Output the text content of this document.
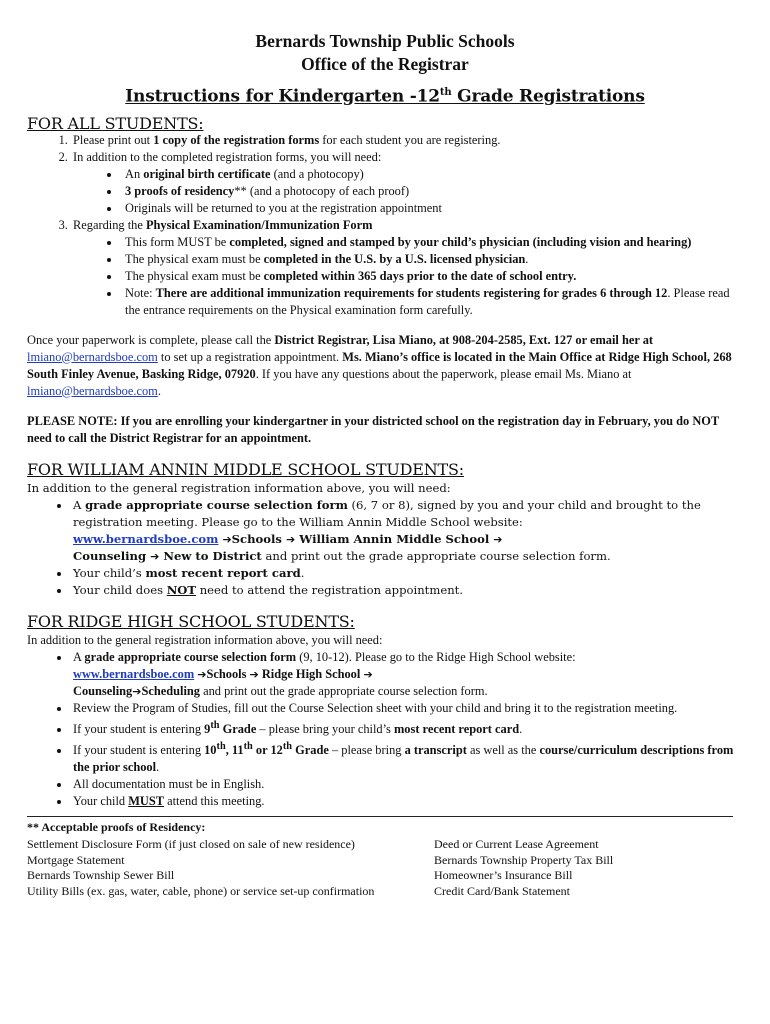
Bernards Township Public Schools
Office of the Registrar
Instructions for Kindergarten -12th Grade Registrations
FOR ALL STUDENTS:
1. Please print out 1 copy of the registration forms for each student you are registering.
2. In addition to the completed registration forms, you will need:
• An original birth certificate (and a photocopy)
• 3 proofs of residency** (and a photocopy of each proof)
• Originals will be returned to you at the registration appointment
3. Regarding the Physical Examination/Immunization Form
• This form MUST be completed, signed and stamped by your child’s physician (including vision and hearing)
• The physical exam must be completed in the U.S. by a U.S. licensed physician.
• The physical exam must be completed within 365 days prior to the date of school entry.
• Note: There are additional immunization requirements for students registering for grades 6 through 12. Please read the entrance requirements on the Physical examination form carefully.

Once your paperwork is complete, please call the District Registrar, Lisa Miano, at 908-204-2585, Ext. 127 or email her at lmiano@bernardsboe.com to set up a registration appointment. Ms. Miano’s office is located in the Main Office at Ridge High School, 268 South Finley Avenue, Basking Ridge, 07920. If you have any questions about the paperwork, please email Ms. Miano at lmiano@bernardsboe.com.

PLEASE NOTE: If you are enrolling your kindergartner in your districted school on the registration day in February, you do NOT need to call the District Registrar for an appointment.

FOR WILLIAM ANNIN MIDDLE SCHOOL STUDENTS:

In addition to the general registration information above, you will need:

• A grade appropriate course selection form (6, 7 or 8), signed by you and your child and brought to the registration meeting. Please go to the William Annin Middle School website:
www.bernardsboe.com ➔Schools ➔ William Annin Middle School ➔
Counseling ➔ New to District and print out the grade appropriate course selection form.
• Your child’s most recent report card.
• Your child does NOT need to attend the registration appointment.
FOR RIDGE HIGH SCHOOL STUDENTS:

In addition to the general registration information above, you will need:

• A grade appropriate course selection form (9, 10-12). Please go to the Ridge High School website:
www.bernardsboe.com ➔Schools ➔ Ridge High School ➔
Counseling➔Scheduling and print out the grade appropriate course selection form.
• Review the Program of Studies, fill out the Course Selection sheet with your child and bring it to the registration meeting.
• If your student is entering 9th Grade – please bring your child’s most recent report card.
• If your student is entering 10th, 11th or 12th Grade – please bring a transcript as well as the course/curriculum descriptions from the prior school.
• All documentation must be in English.
• Your child MUST attend this meeting.
** Acceptable proofs of Residency:
Settlement Disclosure Form (if just closed on sale of new residence)
Mortgage Statement
Bernards Township Sewer Bill
Utility Bills (ex. gas, water, cable, phone) or service set-up confirmation
Deed or Current Lease Agreement
Bernards Township Property Tax Bill
Homeowner’s Insurance Bill
Credit Card/Bank Statement
